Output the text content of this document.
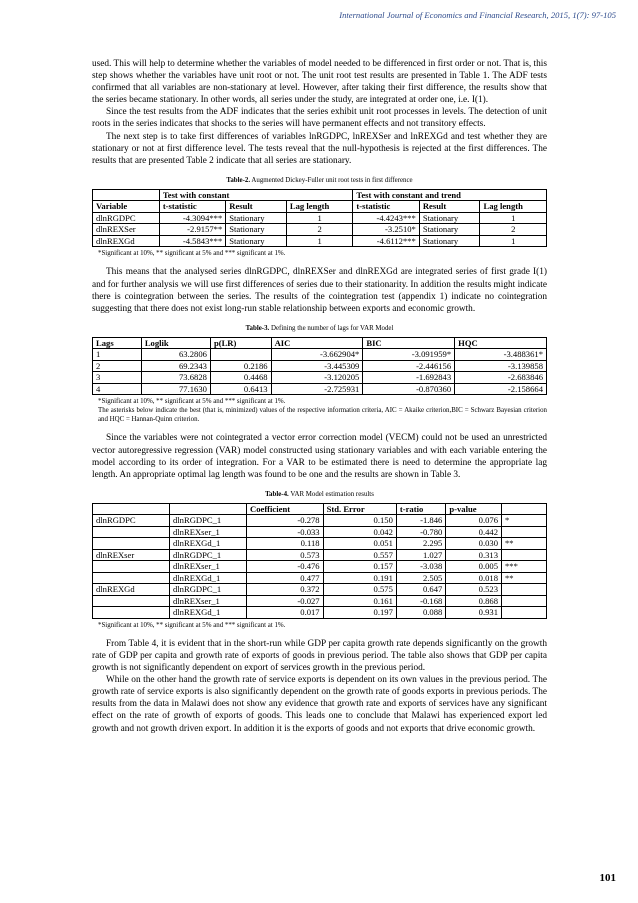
International Journal of Economics and Financial Research, 2015, 1(7): 97-105

used. This will help to determine whether the variables of model needed to be differenced in first order or not. That is, this step shows whether the variables have unit root or not. The unit root test results are presented in Table 1. The ADF tests confirmed that all variables are non-stationary at level. However, after taking their first difference, the results show that the series became stationary. In other words, all series under the study, are integrated at order one, i.e. I(1).

Since the test results from the ADF indicates that the series exhibit unit root processes in levels. The detection of unit roots in the series indicates that shocks to the series will have permanent effects and not transitory effects.

The next step is to take first differences of variables lnRGDPC, lnREXSer and lnREXGd and test whether they are stationary or not at first difference level. The tests reveal that the null-hypothesis is rejected at the first differences. The results that are presented Table 2 indicate that all series are stationary.

Table-2. Augmented Dickey-Fuller unit root tests in first difference
	Test with constant			Test with constant and trend		
Variable	t-statistic	Result	Lag length	t-statistic	Result	Lag length
dlnRGDPC	-4.3094***	Stationary	1	-4.4243***	Stationary	1
dlnREXSer	-2.9157**	Stationary	2	-3.2510*	Stationary	2
dlnREXGd	-4.5843***	Stationary	1	-4.6112***	Stationary	1
*Significant at 10%, ** significant at 5% and *** significant at 1%.

This means that the analysed series dlnRGDPC, dlnREXSer and dlnREXGd are integrated series of first grade I(1) and for further analysis we will use first differences of series due to their stationarity. In addition the results might indicate there is cointegration between the series. The results of the cointegration test (appendix 1) indicate no cointegration suggesting that there does not exist long-run stable relationship between exports and economic growth.

Table-3. Defining the number of lags for VAR Model
Lags	Loglik	p(LR)	AIC	BIC	HQC
1	63.2806		-3.662904*	-3.091959*	-3.488361*
2	69.2343	0.2186	-3.445309	-2.446156	-3.139858
3	73.6828	0.4468	-3.120205	-1.692843	-2.683846
4	77.1630	0.6413	-2.725931	-0.870360	-2.158664
*Significant at 10%, ** significant at 5% and *** significant at 1%.
The asterisks below indicate the best (that is, minimized) values of the respective information criteria, AIC = Akaike criterion,BIC = Schwarz Bayesian criterion and HQC = Hannan-Quinn criterion.

Since the variables were not cointegrated a vector error correction model (VECM) could not be used an unrestricted vector autoregressive regression (VAR) model constructed using stationary variables and with each variable entering the model according to its order of integration. For a VAR to be estimated there is need to determine the appropriate lag length. An appropriate optimal lag length was found to be one and the results are shown in Table 3.

Table-4. VAR Model estimation results
		Coefficient	Std. Error	t-ratio	p-value	
dlnRGDPC	dlnRGDPC_1	-0.278	0.150	-1.846	0.076	*
	dlnREXser_1	-0.033	0.042	-0.780	0.442	
	dlnREXGd_1	0.118	0.051	2.295	0.030	**
dlnREXser	dlnRGDPC_1	0.573	0.557	1.027	0.313	
	dlnREXser_1	-0.476	0.157	-3.038	0.005	***
	dlnREXGd_1	0.477	0.191	2.505	0.018	**
dlnREXGd	dlnRGDPC_1	0.372	0.575	0.647	0.523	
	dlnREXser_1	-0.027	0.161	-0.168	0.868	
	dlnREXGd_1	0.017	0.197	0.088	0.931	
*Significant at 10%, ** significant at 5% and *** significant at 1%.

From Table 4, it is evident that in the short-run while GDP per capita growth rate depends significantly on the growth rate of GDP per capita and growth rate of exports of goods in previous period. The table also shows that GDP per capita growth is not significantly dependent on export of services growth in the previous period.

While on the other hand the growth rate of service exports is dependent on its own values in the previous period. The growth rate of service exports is also significantly dependent on the growth rate of goods exports in previous periods. The results from the data in Malawi does not show any evidence that growth rate and exports of services have any significant effect on the rate of growth of exports of goods. This leads one to conclude that Malawi has experienced export led growth and not growth driven export. In addition it is the exports of goods and not exports that drive economic growth.

101
